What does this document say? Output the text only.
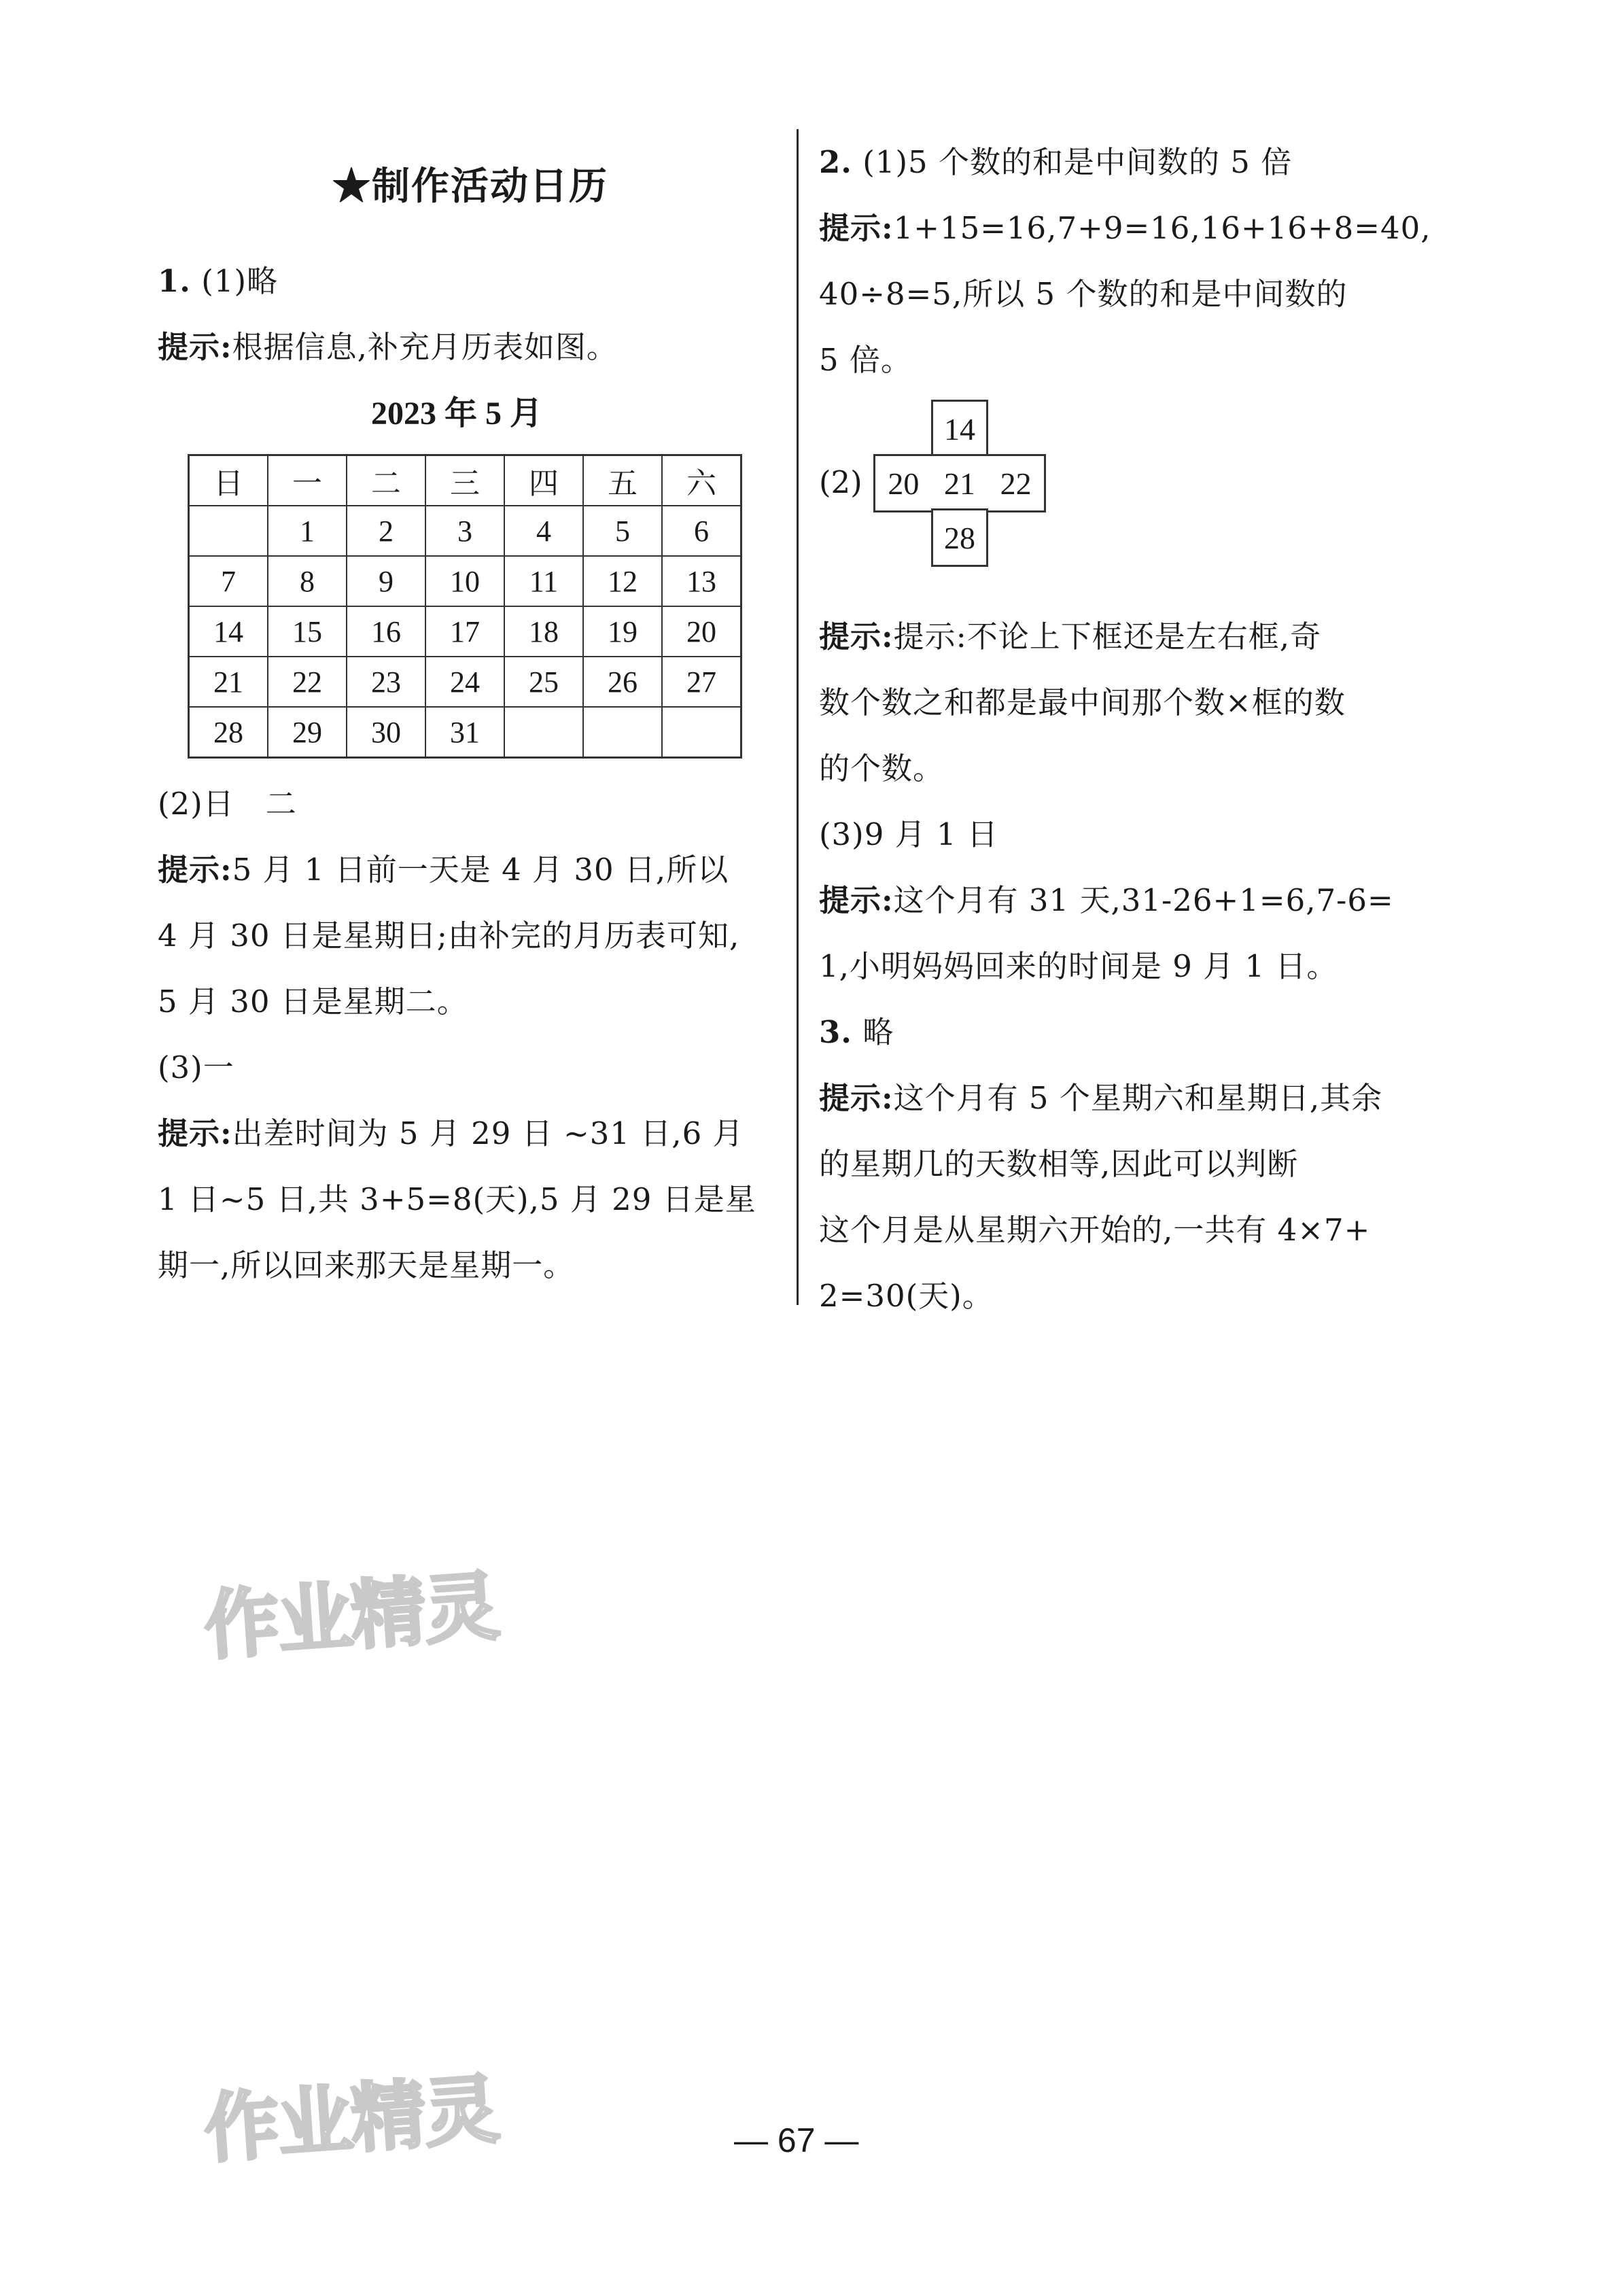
★制作活动日历
1. (1)略
提示:根据信息,补充月历表如图。
2023 年 5 月
日	一	二	三	四	五	六
	1	2	3	4	5	6
7	8	9	10	11	12	13
14	15	16	17	18	19	20
21	22	23	24	25	26	27
28	29	30	31			
(2)日　二
提示:5 月 1 日前一天是 4 月 30 日,所以
4 月 30 日是星期日;由补完的月历表可知,
5 月 30 日是星期二。
(3)一
提示:出差时间为 5 月 29 日 ~31 日,6 月
1 日~5 日,共 3+5=8(天),5 月 29 日是星
期一,所以回来那天是星期一。
2. (1)5 个数的和是中间数的 5 倍
提示:1+15=16,7+9=16,16+16+8=40,
40÷8=5,所以 5 个数的和是中间数的
5 倍。
(2)
14
20 21 22
28
提示:提示:不论上下框还是左右框,奇
数个数之和都是最中间那个数×框的数
的个数。
(3)9 月 1 日
提示:这个月有 31 天,31-26+1=6,7-6=
1,小明妈妈回来的时间是 9 月 1 日。
3. 略
提示:这个月有 5 个星期六和星期日,其余
的星期几的天数相等,因此可以判断
这个月是从星期六开始的,一共有 4×7+
2=30(天)。
作业精灵
作业精灵	— 67 —
